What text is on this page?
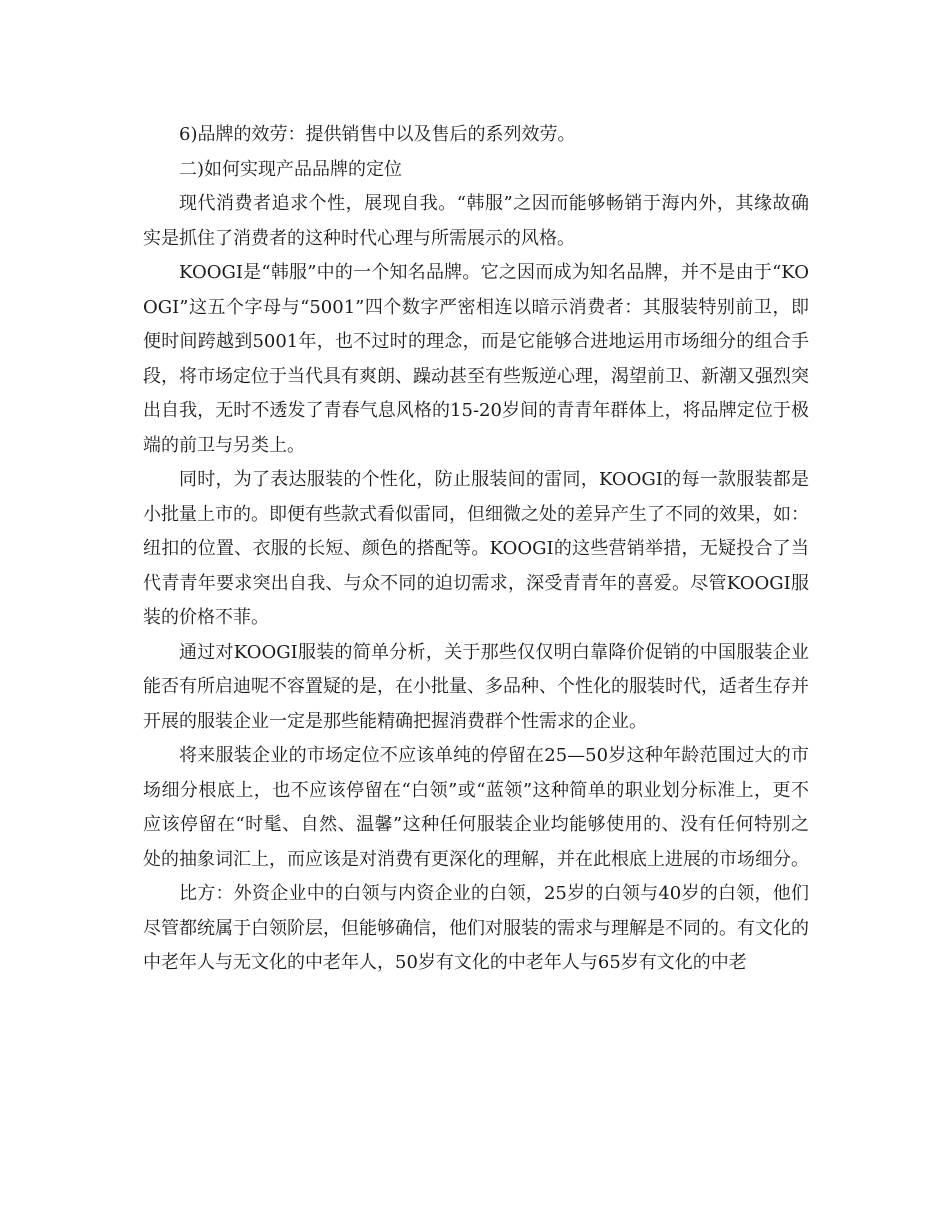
6)品牌的效劳：提供销售中以及售后的系列效劳。

二)如何实现产品品牌的定位

现代消费者追求个性，展现自我。“韩服”之因而能够畅销于海内外，其缘故确实是抓住了消费者的这种时代心理与所需展示的风格。

KOOGI是“韩服”中的一个知名品牌。它之因而成为知名品牌，并不是由于“KOOGI”这五个字母与“5001”四个数字严密相连以暗示消费者：其服装特别前卫，即便时间跨越到5001年，也不过时的理念，而是它能够合进地运用市场细分的组合手段，将市场定位于当代具有爽朗、躁动甚至有些叛逆心理，渴望前卫、新潮又强烈突出自我，无时不透发了青春气息风格的15-20岁间的青青年群体上，将品牌定位于极端的前卫与另类上。

同时，为了表达服装的个性化，防止服装间的雷同，KOOGI的每一款服装都是小批量上市的。即便有些款式看似雷同，但细微之处的差异产生了不同的效果，如：纽扣的位置、衣服的长短、颜色的搭配等。KOOGI的这些营销举措，无疑投合了当代青青年要求突出自我、与众不同的迫切需求，深受青青年的喜爱。尽管KOOGI服装的价格不菲。

通过对KOOGI服装的简单分析，关于那些仅仅明白靠降价促销的中国服装企业能否有所启迪呢不容置疑的是，在小批量、多品种、个性化的服装时代，适者生存并开展的服装企业一定是那些能精确把握消费群个性需求的企业。

将来服装企业的市场定位不应该单纯的停留在25—50岁这种年龄范围过大的市场细分根底上，也不应该停留在“白领”或“蓝领”这种简单的职业划分标准上，更不应该停留在“时髦、自然、温馨”这种任何服装企业均能够使用的、没有任何特别之处的抽象词汇上，而应该是对消费有更深化的理解，并在此根底上进展的市场细分。

比方：外资企业中的白领与内资企业的白领，25岁的白领与40岁的白领，他们尽管都统属于白领阶层，但能够确信，他们对服装的需求与理解是不同的。有文化的中老年人与无文化的中老年人，50岁有文化的中老年人与65岁有文化的中老
